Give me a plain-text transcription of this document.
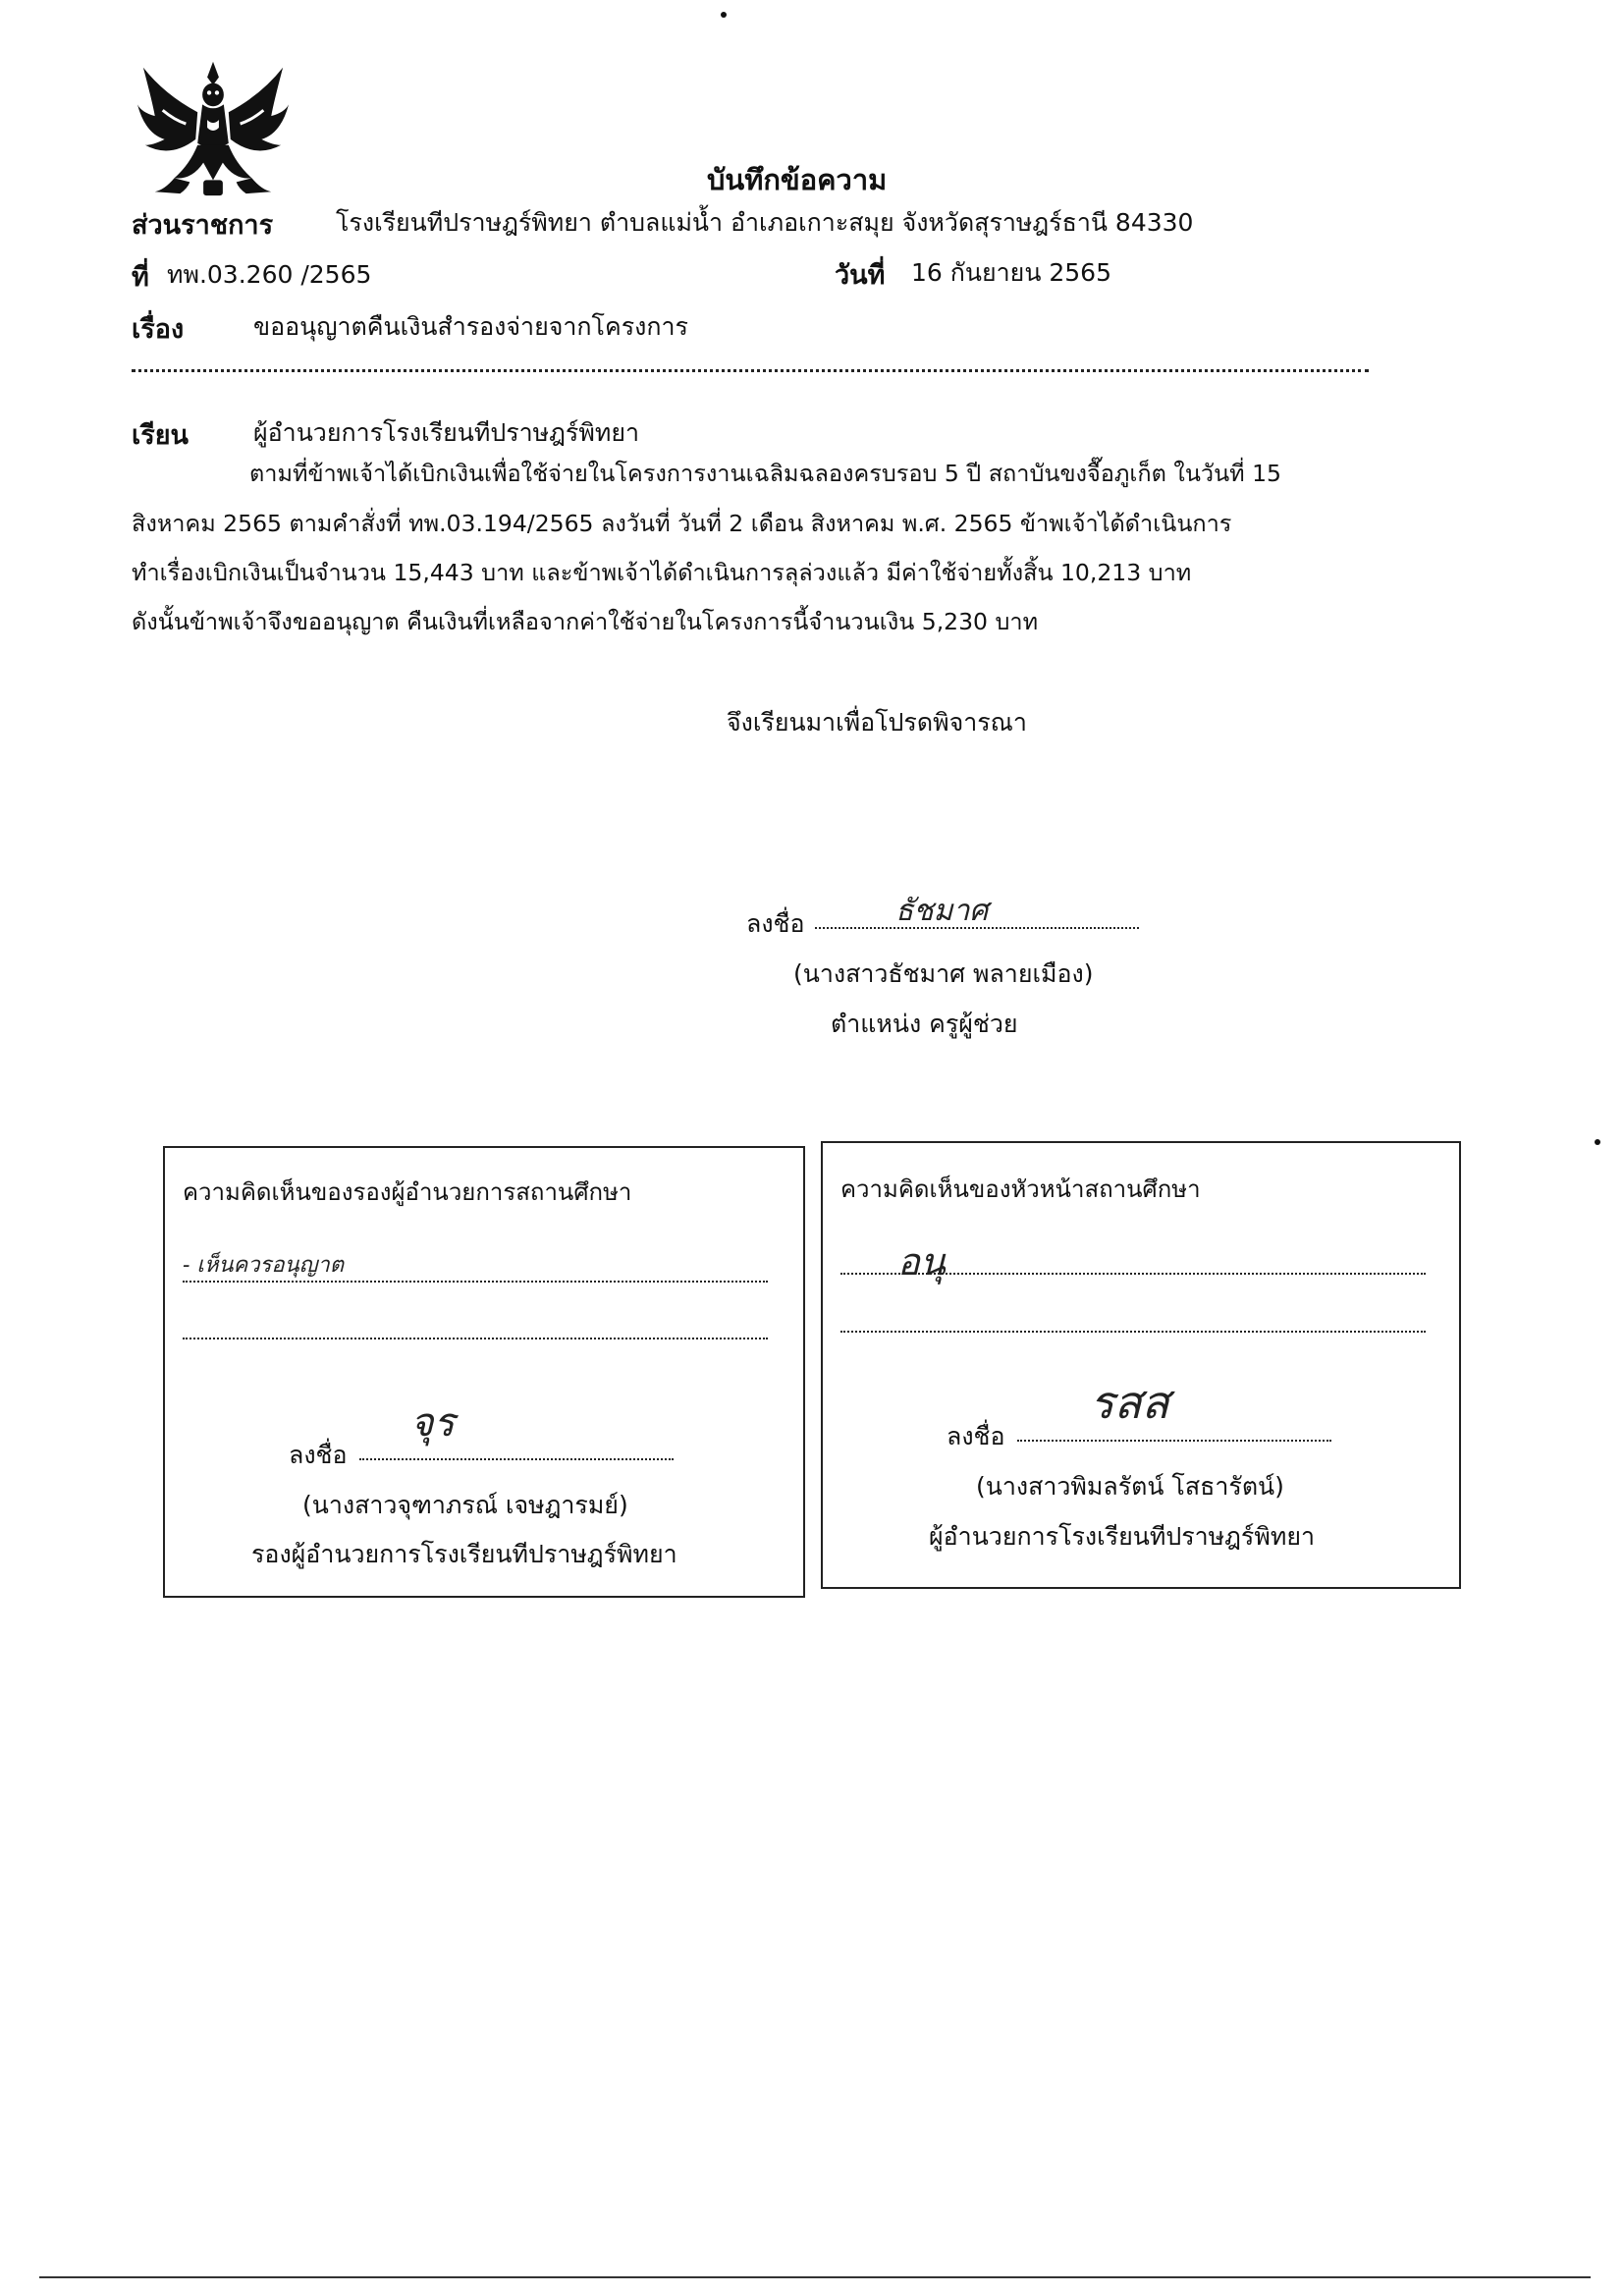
บันทึกข้อความ
ส่วนราชการ	โรงเรียนทีปราษฎร์พิทยา ตำบลแม่น้ำ อำเภอเกาะสมุย จังหวัดสุราษฎร์ธานี 84330
ที่ ทพ.03.260 /2565	วันที่ 16 กันยายน 2565
เรื่อง	ขออนุญาตคืนเงินสำรองจ่ายจากโครงการ
เรียน	ผู้อำนวยการโรงเรียนทีปราษฎร์พิทยา
ตามที่ข้าพเจ้าได้เบิกเงินเพื่อใช้จ่ายในโครงการงานเฉลิมฉลองครบรอบ 5 ปี สถาบันขงจื๊อภูเก็ต ในวันที่ 15
สิงหาคม 2565 ตามคำสั่งที่ ทพ.03.194/2565 ลงวันที่ วันที่ 2 เดือน สิงหาคม พ.ศ. 2565 ข้าพเจ้าได้ดำเนินการ
ทำเรื่องเบิกเงินเป็นจำนวน 15,443 บาท และข้าพเจ้าได้ดำเนินการลุล่วงแล้ว มีค่าใช้จ่ายทั้งสิ้น 10,213 บาท
ดังนั้นข้าพเจ้าจึงขออนุญาต คืนเงินที่เหลือจากค่าใช้จ่ายในโครงการนี้จำนวนเงิน 5,230 บาท
จึงเรียนมาเพื่อโปรดพิจารณา
ลงชื่อ	ธัชมาศ
(นางสาวธัชมาศ พลายเมือง)
ตำแหน่ง ครูผู้ช่วย
ความคิดเห็นของรองผู้อำนวยการสถานศึกษา
- เห็นควรอนุญาต
ลงชื่อ
จุร
(นางสาวจุฑาภรณ์ เจษฎารมย์)
รองผู้อำนวยการโรงเรียนทีปราษฎร์พิทยา
ความคิดเห็นของหัวหน้าสถานศึกษา
อนุ
ลงชื่อ
รสส
(นางสาวพิมลรัตน์ โสธารัตน์)
ผู้อำนวยการโรงเรียนทีปราษฎร์พิทยา
